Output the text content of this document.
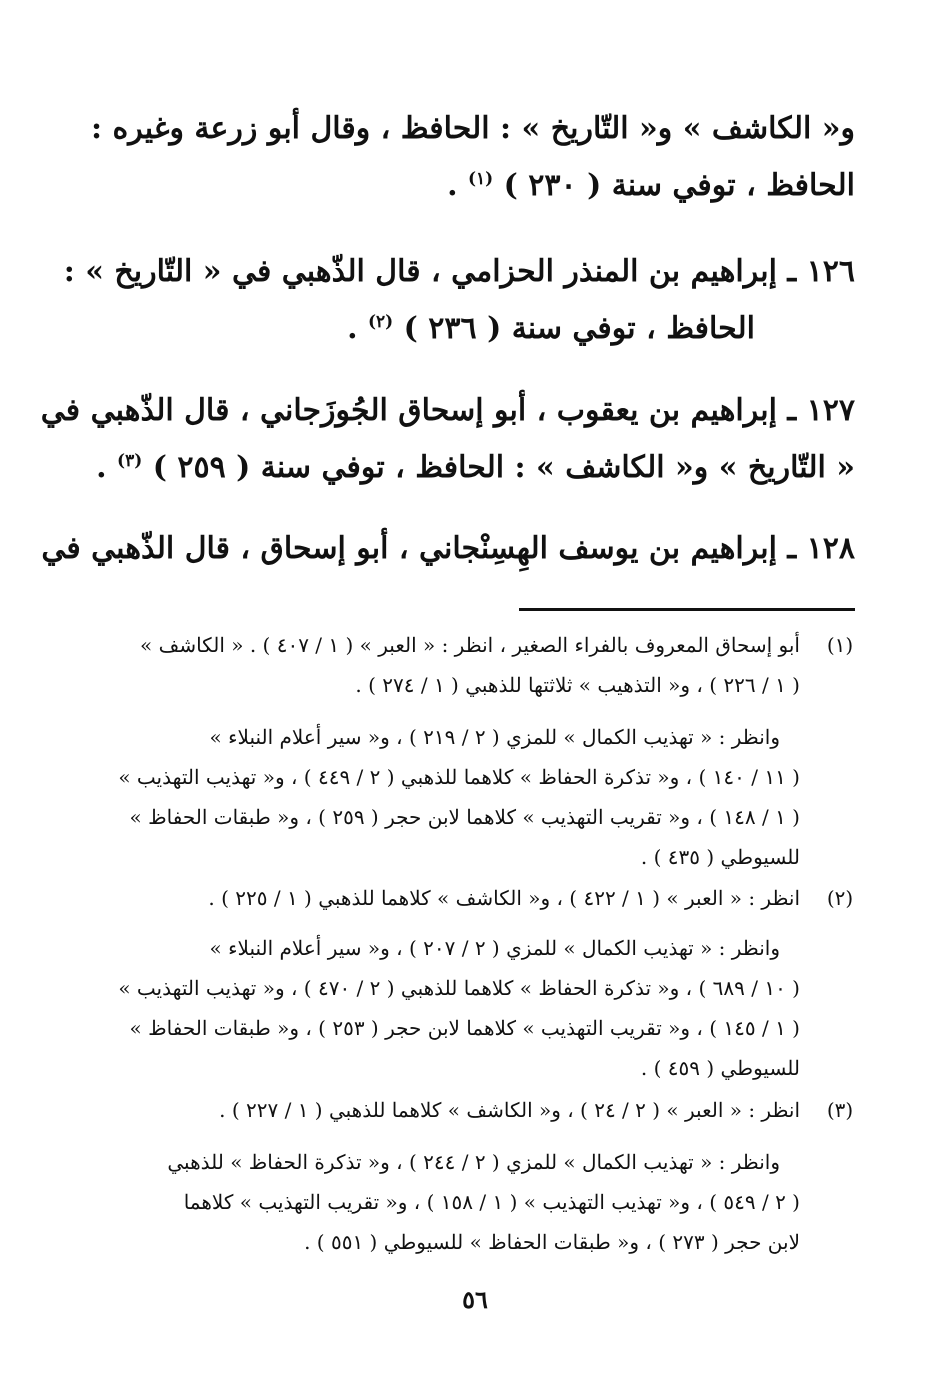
و« الكاشف » و« التّاريخ » : الحافظ ، وقال أبو زرعة وغيره :
الحافظ ، توفي سنة ( ٢٣٠ ) $^{(١)}$ .
١٢٦ ـ إبراهيم بن المنذر الحزامي ، قال الذّهبي في « التّاريخ » :
الحافظ ، توفي سنة ( ٢٣٦ ) $^{(٢)}$ .
١٢٧ ـ إبراهيم بن يعقوب ، أبو إسحاق الجُوزَجاني ، قال الذّهبي في
« التّاريخ » و« الكاشف » : الحافظ ، توفي سنة ( ٢٥٩ ) $^{(٣)}$ .
١٢٨ ـ إبراهيم بن يوسف الهِسِنْجاني ، أبو إسحاق ، قال الذّهبي في
(١)
أبو إسحاق المعروف بالفراء الصغير ، انظر : « العبر » ( ١ / ٤٠٧ ) . « الكاشف »
( ١ / ٢٢٦ ) ، و« التذهيب » ثلاثتها للذهبي ( ١ / ٢٧٤ ) .
وانظر : « تهذيب الكمال » للمزي ( ٢ / ٢١٩ ) ، و« سير أعلام النبلاء »
( ١١ / ١٤٠ ) ، و« تذكرة الحفاظ » كلاهما للذهبي ( ٢ / ٤٤٩ ) ، و« تهذيب التهذيب »
( ١ / ١٤٨ ) ، و« تقريب التهذيب » كلاهما لابن حجر ( ٢٥٩ ) ، و« طبقات الحفاظ »
للسيوطي ( ٤٣٥ ) .
(٢)
انظر : « العبر » ( ١ / ٤٢٢ ) ، و« الكاشف » كلاهما للذهبي ( ١ / ٢٢٥ ) .
وانظر : « تهذيب الكمال » للمزي ( ٢ / ٢٠٧ ) ، و« سير أعلام النبلاء »
( ١٠ / ٦٨٩ ) ، و« تذكرة الحفاظ » كلاهما للذهبي ( ٢ / ٤٧٠ ) ، و« تهذيب التهذيب »
( ١ / ١٤٥ ) ، و« تقريب التهذيب » كلاهما لابن حجر ( ٢٥٣ ) ، و« طبقات الحفاظ »
للسيوطي ( ٤٥٩ ) .
(٣)
انظر : « العبر » ( ٢ / ٢٤ ) ، و« الكاشف » كلاهما للذهبي ( ١ / ٢٢٧ ) .
وانظر : « تهذيب الكمال » للمزي ( ٢ / ٢٤٤ ) ، و« تذكرة الحفاظ » للذهبي
( ٢ / ٥٤٩ ) ، و« تهذيب التهذيب » ( ١ / ١٥٨ ) ، و« تقريب التهذيب » كلاهما
لابن حجر ( ٢٧٣ ) ، و« طبقات الحفاظ » للسيوطي ( ٥٥١ ) .
٥٦
